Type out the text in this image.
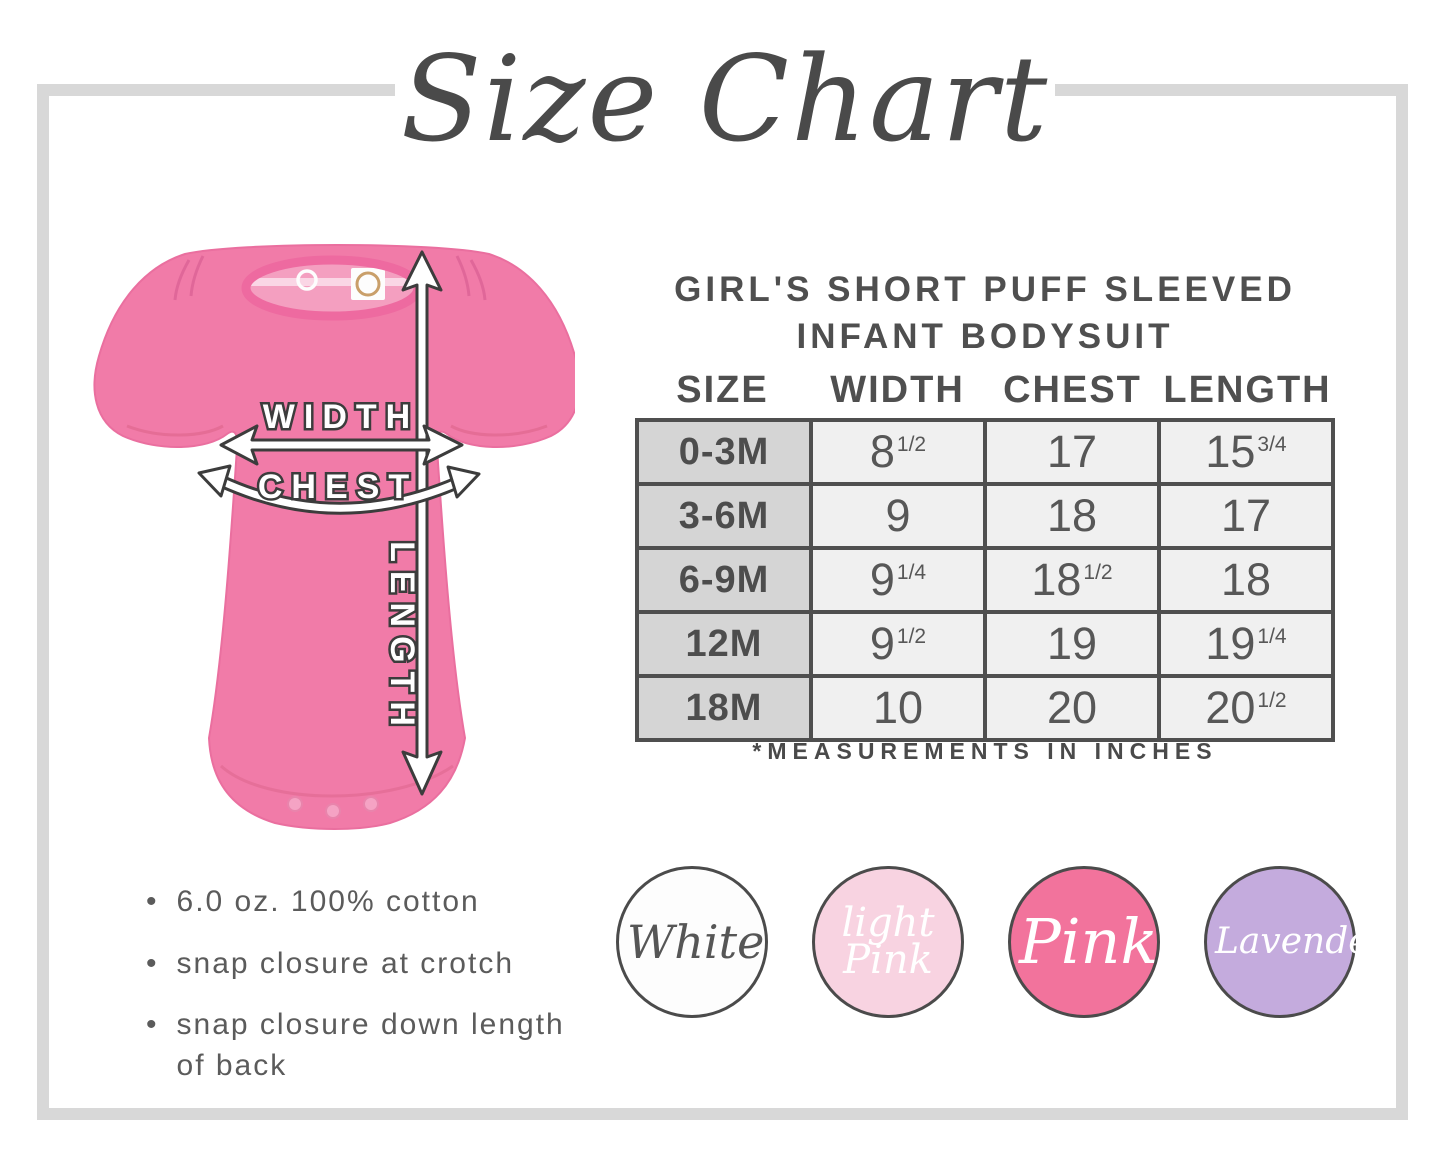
Size Chart
WIDTH
CHEST
LENGTH
GIRL'S SHORT PUFF SLEEVED
INFANT BODYSUIT
SIZE	WIDTH	CHEST LENGTH
0-3M	$8^{1/2}$	17	$15^{3/4}$
3-6M	9	18	17
6-9M	$9^{1/4}$	$18^{1/2}$	18
12M	$9^{1/2}$	19	$19^{1/4}$
18M	10	20	$20^{1/2}$
*MEASUREMENTS IN INCHES
• 6.0 oz. 100% cotton
• snap closure at crotch
• snap closure down length of back
White	light Pink	Pink Lavender
